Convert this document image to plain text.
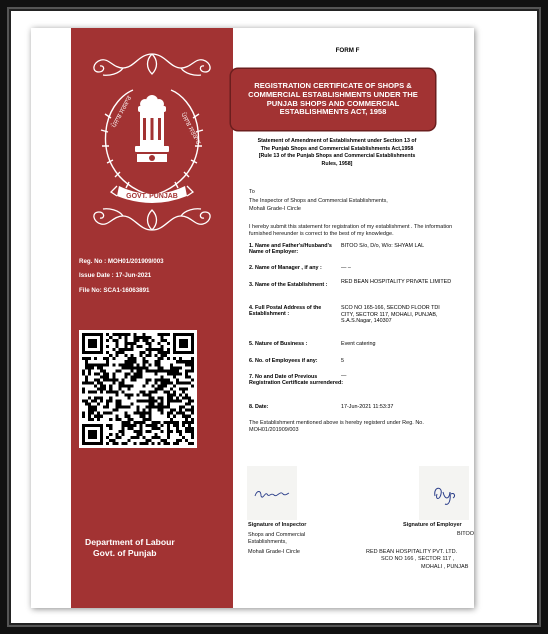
ਪੰਜਾਬ ਸਰਕਾਰ	ਪੰਜਾਬ ਸਰਕਾਰ
GOVT. PUNJAB
Reg. No : MOH01/201909/003
Issue Date : 17-Jun-2021
File No: SCA1-16063891
Department of Labour
Govt. of Punjab
FORM F
REGISTRATION CERTIFICATE OF SHOPS & COMMERCIAL ESTABLISHMENTS UNDER THE PUNJAB SHOPS AND COMMERCIAL ESTABLISHMENTS ACT, 1958
Statement of Amendment of Establishment under Section 13 of
The Punjab Shops and Commercial Establishments Act,1958
[Rule 13 of the Punjab Shops and Commercial Establishments
Rules, 1958]
To
The Inspector of Shops and Commercial Establishments,
Mohali Grade-I Circle
I hereby submit this statement for registration of my establishment . The information furnished hereunder is correct to the best of my knowledge.
1. Name and Father's/Husband's Name of Employer:
BITOO S/o, D/o, W/o: SHYAM LAL
2. Name of Manager , if any :	— –
3. Name of the Establishment :	RED BEAN HOSPITALITY PRIVATE LIMITED
4. Full Postal Address of the Establishment :
SCO NO 165-166, SECOND FLOOR TDI CITY, SECTOR 117, MOHALI, PUNJAB, S.A.S.Nagar, 140307
5. Nature of Business :	Event catering
6. No. of Employees if any:	5
7. No and Date of Previous Registration Certificate surrendered:
—
8. Date:	17-Jun-2021 11:53:37
The Establishment mentioned above is hereby registerd under Reg. No. MOH01/201909/003
Signature of Inspector
Shops and Commercial Establishments,
Mohali Grade-I Circle
Signature of Employer
BITOO
RED BEAN HOSPITALITY PVT. LTD.
SCO NO 166 , SECTOR 117 ,
MOHALI , PUNJAB
